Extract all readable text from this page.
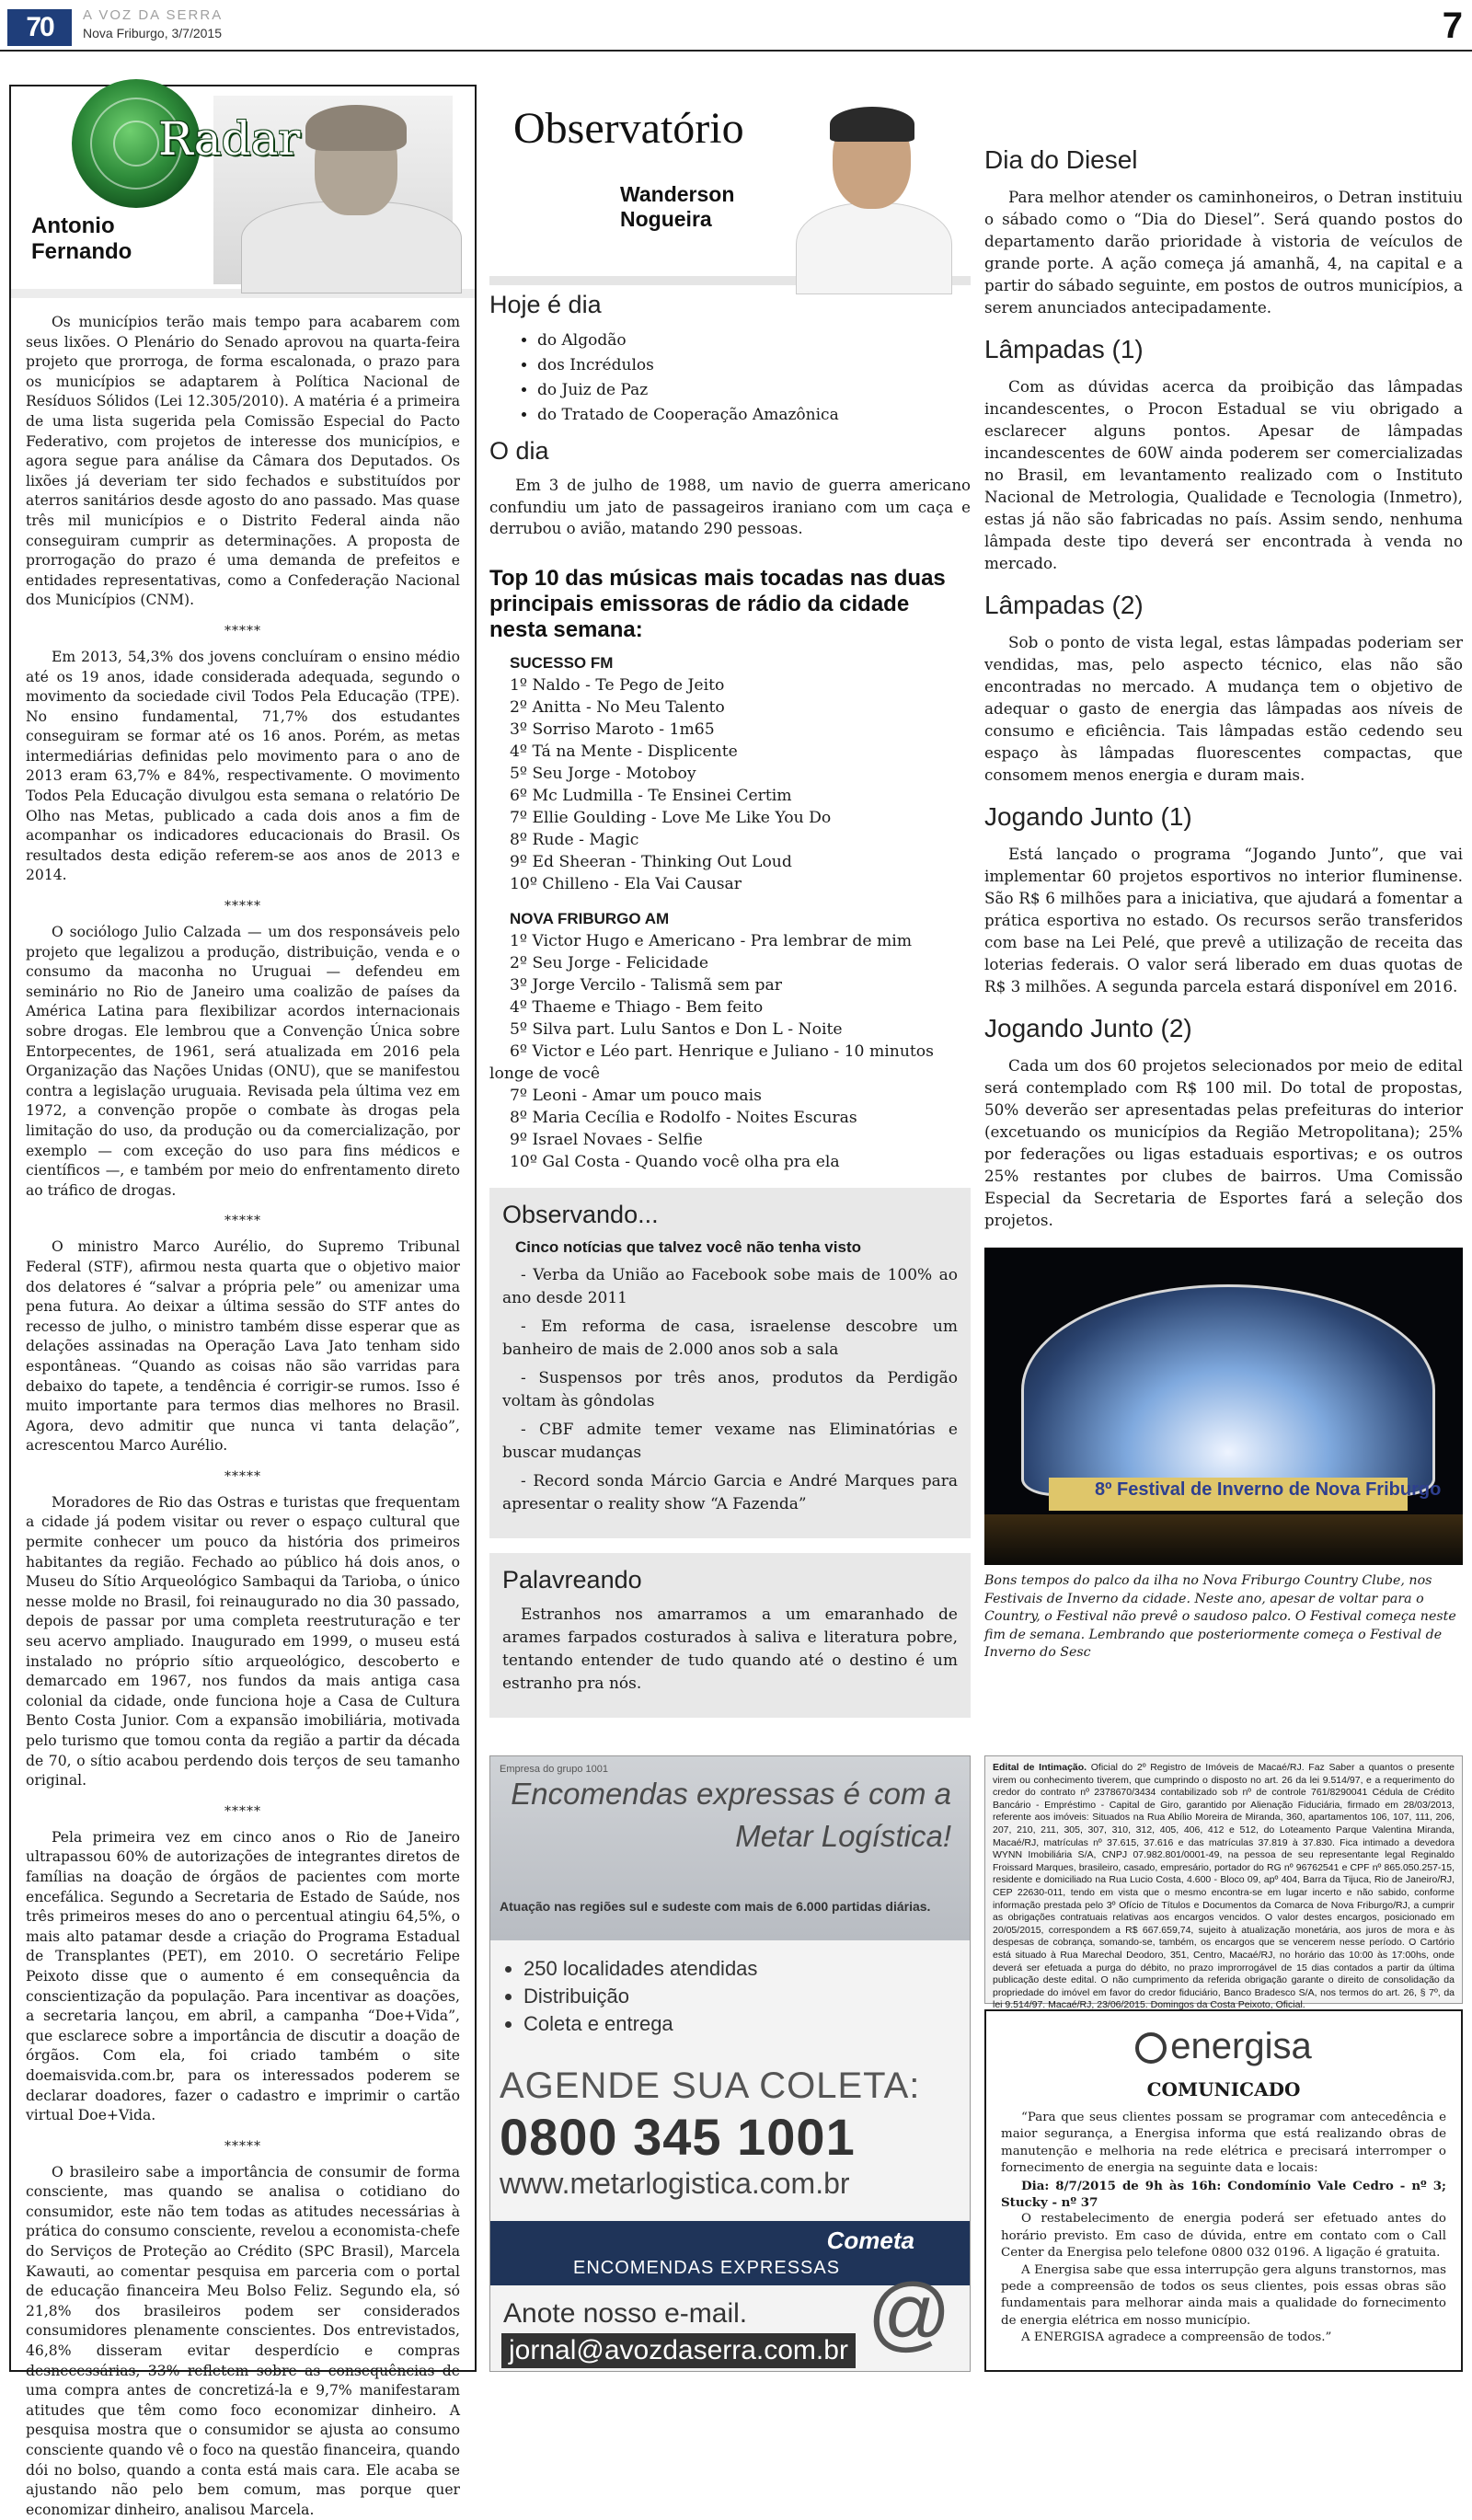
70	A VOZ DA SERRA
Nova Friburgo, 3/7/2015	7
Radar
Antonio
Fernando

Os municípios terão mais tempo para acabarem com seus lixões. O Plenário do Senado aprovou na quarta-feira projeto que prorroga, de forma escalonada, o prazo para os municípios se adaptarem à Política Nacional de Resíduos Sólidos (Lei 12.305/2010). A matéria é a primeira de uma lista sugerida pela Comissão Especial do Pacto Federativo, com projetos de interesse dos municípios, e agora segue para análise da Câmara dos Deputados. Os lixões já deveriam ter sido fechados e substituídos por aterros sanitários desde agosto do ano passado. Mas quase três mil municípios e o Distrito Federal ainda não conseguiram cumprir as determinações. A proposta de prorrogação do prazo é uma demanda de prefeitos e entidades representativas, como a Confederação Nacional dos Municípios (CNM).

*****

Em 2013, 54,3% dos jovens concluíram o ensino médio até os 19 anos, idade considerada adequada, segundo o movimento da sociedade civil Todos Pela Educação (TPE). No ensino fundamental, 71,7% dos estudantes conseguiram se formar até os 16 anos. Porém, as metas intermediárias definidas pelo movimento para o ano de 2013 eram 63,7% e 84%, respectivamente. O movimento Todos Pela Educação divulgou esta semana o relatório De Olho nas Metas, publicado a cada dois anos a fim de acompanhar os indicadores educacionais do Brasil. Os resultados desta edição referem-se aos anos de 2013 e 2014.

*****

O sociólogo Julio Calzada — um dos responsáveis pelo projeto que legalizou a produção, distribuição, venda e o consumo da maconha no Uruguai — defendeu em seminário no Rio de Janeiro uma coalizão de países da América Latina para flexibilizar acordos internacionais sobre drogas. Ele lembrou que a Convenção Única sobre Entorpecentes, de 1961, será atualizada em 2016 pela Organização das Nações Unidas (ONU), que se manifestou contra a legislação uruguaia. Revisada pela última vez em 1972, a convenção propõe o combate às drogas pela limitação do uso, da produção ou da comercialização, por exemplo — com exceção do uso para fins médicos e científicos —, e também por meio do enfrentamento direto ao tráfico de drogas.

*****

O ministro Marco Aurélio, do Supremo Tribunal Federal (STF), afirmou nesta quarta que o objetivo maior dos delatores é “salvar a própria pele” ou amenizar uma pena futura. Ao deixar a última sessão do STF antes do recesso de julho, o ministro também disse esperar que as delações assinadas na Operação Lava Jato tenham sido espontâneas. “Quando as coisas não são varridas para debaixo do tapete, a tendência é corrigir-se rumos. Isso é muito importante para termos dias melhores no Brasil. Agora, devo admitir que nunca vi tanta delação”, acrescentou Marco Aurélio.

*****

Moradores de Rio das Ostras e turistas que frequentam a cidade já podem visitar ou rever o espaço cultural que permite conhecer um pouco da história dos primeiros habitantes da região. Fechado ao público há dois anos, o Museu do Sítio Arqueológico Sambaqui da Tarioba, o único nesse molde no Brasil, foi reinaugurado no dia 30 passado, depois de passar por uma completa reestruturação e ter seu acervo ampliado. Inaugurado em 1999, o museu está instalado no próprio sítio arqueológico, descoberto e demarcado em 1967, nos fundos da mais antiga casa colonial da cidade, onde funciona hoje a Casa de Cultura Bento Costa Junior. Com a expansão imobiliária, motivada pelo turismo que tomou conta da região a partir da década de 70, o sítio acabou perdendo dois terços de seu tamanho original.

*****

Pela primeira vez em cinco anos o Rio de Janeiro ultrapassou 60% de autorizações de integrantes diretos de famílias na doação de órgãos de pacientes com morte encefálica. Segundo a Secretaria de Estado de Saúde, nos três primeiros meses do ano o percentual atingiu 64,5%, o mais alto patamar desde a criação do Programa Estadual de Transplantes (PET), em 2010. O secretário Felipe Peixoto disse que o aumento é em consequência da conscientização da população. Para incentivar as doações, a secretaria lançou, em abril, a campanha “Doe+Vida”, que esclarece sobre a importância de discutir a doação de órgãos. Com ela, foi criado também o site doemaisvida.com.br, para os interessados poderem se declarar doadores, fazer o cadastro e imprimir o cartão virtual Doe+Vida.

*****

O brasileiro sabe a importância de consumir de forma consciente, mas quando se analisa o cotidiano do consumidor, este não tem todas as atitudes necessárias à prática do consumo consciente, revelou a economista-chefe do Serviços de Proteção ao Crédito (SPC Brasil), Marcela Kawauti, ao comentar pesquisa em parceria com o portal de educação financeira Meu Bolso Feliz. Segundo ela, só 21,8% dos brasileiros podem ser considerados consumidores plenamente conscientes. Dos entrevistados, 46,8% disseram evitar desperdício e compras desnecessárias, 33% refletem sobre as consequências de uma compra antes de concretizá-la e 9,7% manifestaram atitudes que têm como foco economizar dinheiro. A pesquisa mostra que o consumidor se ajusta ao consumo consciente quando vê o foco na questão financeira, quando dói no bolso, quando a conta está mais cara. Ele acaba se ajustando não pelo bem comum, mas porque quer economizar dinheiro, analisou Marcela.

Observatório
Wanderson
Nogueira
Hoje é dia
• do Algodão
• dos Incrédulos
• do Juiz de Paz
• do Tratado de Cooperação Amazônica
O dia

Em 3 de julho de 1988, um navio de guerra americano confundiu um jato de passageiros iraniano com um caça e derrubou o avião, matando 290 pessoas.

Top 10 das músicas mais tocadas nas duas principais emissoras de rádio da cidade nesta semana:
SUCESSO FM
1º Naldo - Te Pego de Jeito
2º Anitta - No Meu Talento
3º Sorriso Maroto - 1m65
4º Tá na Mente - Displicente
5º Seu Jorge - Motoboy
6º Mc Ludmilla - Te Ensinei Certim
7º Ellie Goulding - Love Me Like You Do
8º Rude - Magic
9º Ed Sheeran - Thinking Out Loud
10º Chilleno - Ela Vai Causar
NOVA FRIBURGO AM
1º Victor Hugo e Americano - Pra lembrar de mim
2º Seu Jorge - Felicidade
3º Jorge Vercilo - Talismã sem par
4º Thaeme e Thiago - Bem feito
5º Silva part. Lulu Santos e Don L - Noite
6º Victor e Léo part. Henrique e Juliano - 10 minutos longe de você
7º Leoni - Amar um pouco mais
8º Maria Cecília e Rodolfo - Noites Escuras
9º Israel Novaes - Selfie
10º Gal Costa - Quando você olha pra ela
Observando...
Cinco notícias que talvez você não tenha visto

- Verba da União ao Facebook sobe mais de 100% ao ano desde 2011

- Em reforma de casa, israelense descobre um banheiro de mais de 2.000 anos sob a sala

- Suspensos por três anos, produtos da Perdigão voltam às gôndolas

- CBF admite temer vexame nas Eliminatórias e buscar mudanças

- Record sonda Márcio Garcia e André Marques para apresentar o reality show “A Fazenda”

Palavreando

Estranhos nos amarramos a um emaranhado de arames farpados costurados à saliva e literatura pobre, tentando entender de tudo quando até o destino é um estranho pra nós.

Dia do Diesel

Para melhor atender os caminhoneiros, o Detran instituiu o sábado como o “Dia do Diesel”. Será quando postos do departamento darão prioridade à vistoria de veículos de grande porte. A ação começa já amanhã, 4, na capital e a partir do sábado seguinte, em postos de outros municípios, a serem anunciados antecipadamente.

Lâmpadas (1)

Com as dúvidas acerca da proibição das lâmpadas incandescentes, o Procon Estadual se viu obrigado a esclarecer alguns pontos. Apesar de lâmpadas incandescentes de 60W ainda poderem ser comercializadas no Brasil, em levantamento realizado com o Instituto Nacional de Metrologia, Qualidade e Tecnologia (Inmetro), estas já não são fabricadas no país. Assim sendo, nenhuma lâmpada deste tipo deverá ser encontrada à venda no mercado.

Lâmpadas (2)

Sob o ponto de vista legal, estas lâmpadas poderiam ser vendidas, mas, pelo aspecto técnico, elas não são encontradas no mercado. A mudança tem o objetivo de adequar o gasto de energia das lâmpadas aos níveis de consumo e eficiência. Tais lâmpadas estão cedendo seu espaço às lâmpadas fluorescentes compactas, que consomem menos energia e duram mais.

Jogando Junto (1)

Está lançado o programa “Jogando Junto”, que vai implementar 60 projetos esportivos no interior fluminense. São R$ 6 milhões para a iniciativa, que ajudará a fomentar a prática esportiva no estado. Os recursos serão transferidos com base na Lei Pelé, que prevê a utilização de receita das loterias federais. O valor será liberado em duas quotas de R$ 3 milhões. A segunda parcela estará disponível em 2016.

Jogando Junto (2)

Cada um dos 60 projetos selecionados por meio de edital será contemplado com R$ 100 mil. Do total de propostas, 50% deverão ser apresentadas pelas prefeituras do interior (excetuando os municípios da Região Metropolitana); 25% por federações ou ligas estaduais esportivas; e os outros 25% restantes por clubes de bairros. Uma Comissão Especial da Secretaria de Esportes fará a seleção dos projetos.

8º Festival de Inverno de Nova Friburgo
Bons tempos do palco da ilha no Nova Friburgo Country Clube, nos Festivais de Inverno da cidade. Neste ano, apesar de voltar para o Country, o Festival não prevê o saudoso palco. O Festival começa neste fim de semana. Lembrando que posteriormente começa o Festival de Inverno do Sesc
Empresa do grupo 1001
Encomendas expressas é com a
Metar Logística!
Atuação nas regiões sul e sudeste com mais de 6.000 partidas diárias.
• 250 localidades atendidas
• Distribuição
• Coleta e entrega
AGENDE SUA COLETA:
0800 345 1001
www.metarlogistica.com.br
Cometa
ENCOMENDAS EXPRESSAS
Anote nosso e-mail.
jornal@avozdaserra.com.br @
Edital de Intimação. Oficial do 2º Registro de Imóveis de Macaé/RJ. Faz Saber a quantos o presente virem ou conhecimento tiverem, que cumprindo o disposto no art. 26 da lei 9.514/97, e a requerimento do credor do contrato nº 2378670/3434 contabilizado sob nº de controle 761/8290041 Cédula de Crédito Bancário - Empréstimo - Capital de Giro, garantido por Alienação Fiduciária, firmado em 28/03/2013, referente aos imóveis: Situados na Rua Abílio Moreira de Miranda, 360, apartamentos 106, 107, 111, 206, 207, 210, 211, 305, 307, 310, 312, 405, 406, 412 e 512, do Loteamento Parque Valentina Miranda, Macaé/RJ, matrículas nº 37.615, 37.616 e das matrículas 37.819 à 37.830. Fica intimado a devedora WYNN Imobiliária S/A, CNPJ 07.982.801/0001-49, na pessoa de seu representante legal Reginaldo Froissard Marques, brasileiro, casado, empresário, portador do RG nº 96762541 e CPF nº 865.050.257-15, residente e domiciliado na Rua Lucio Costa, 4.600 - Bloco 09, apº 404, Barra da Tijuca, Rio de Janeiro/RJ, CEP 22630-011, tendo em vista que o mesmo encontra-se em lugar incerto e não sabido, conforme informação prestada pelo 3º Ofício de Títulos e Documentos da Comarca de Nova Friburgo/RJ, a cumprir as obrigações contratuais relativas aos encargos vencidos. O valor destes encargos, posicionado em 20/05/2015, correspondem a R$ 667.659,74, sujeito à atualização monetária, aos juros de mora e às despesas de cobrança, somando-se, também, os encargos que se vencerem nesse período. O Cartório está situado à Rua Marechal Deodoro, 351, Centro, Macaé/RJ, no horário das 10:00 às 17:00hs, onde deverá ser efetuada a purga do débito, no prazo improrrogável de 15 dias contados a partir da última publicação deste edital. O não cumprimento da referida obrigação garante o direito de consolidação da propriedade do imóvel em favor do credor fiduciário, Banco Bradesco S/A, nos termos do art. 26, § 7º, da lei 9.514/97. Macaé/RJ, 23/06/2015. Domingos da Costa Peixoto, Oficial.
energisa
COMUNICADO

“Para que seus clientes possam se programar com antecedência e maior segurança, a Energisa informa que está realizando obras de manutenção e melhoria na rede elétrica e precisará interromper o fornecimento de energia na seguinte data e locais:

Dia: 8/7/2015 de 9h às 16h: Condomínio Vale Cedro - nº 3; Stucky - nº 37

O restabelecimento de energia poderá ser efetuado antes do horário previsto. Em caso de dúvida, entre em contato com o Call Center da Energisa pelo telefone 0800 032 0196. A ligação é gratuita.

A Energisa sabe que essa interrupção gera alguns transtornos, mas pede a compreensão de todos os seus clientes, pois essas obras são fundamentais para melhorar ainda mais a qualidade do fornecimento de energia elétrica em nosso município.

A ENERGISA agradece a compreensão de todos.”
